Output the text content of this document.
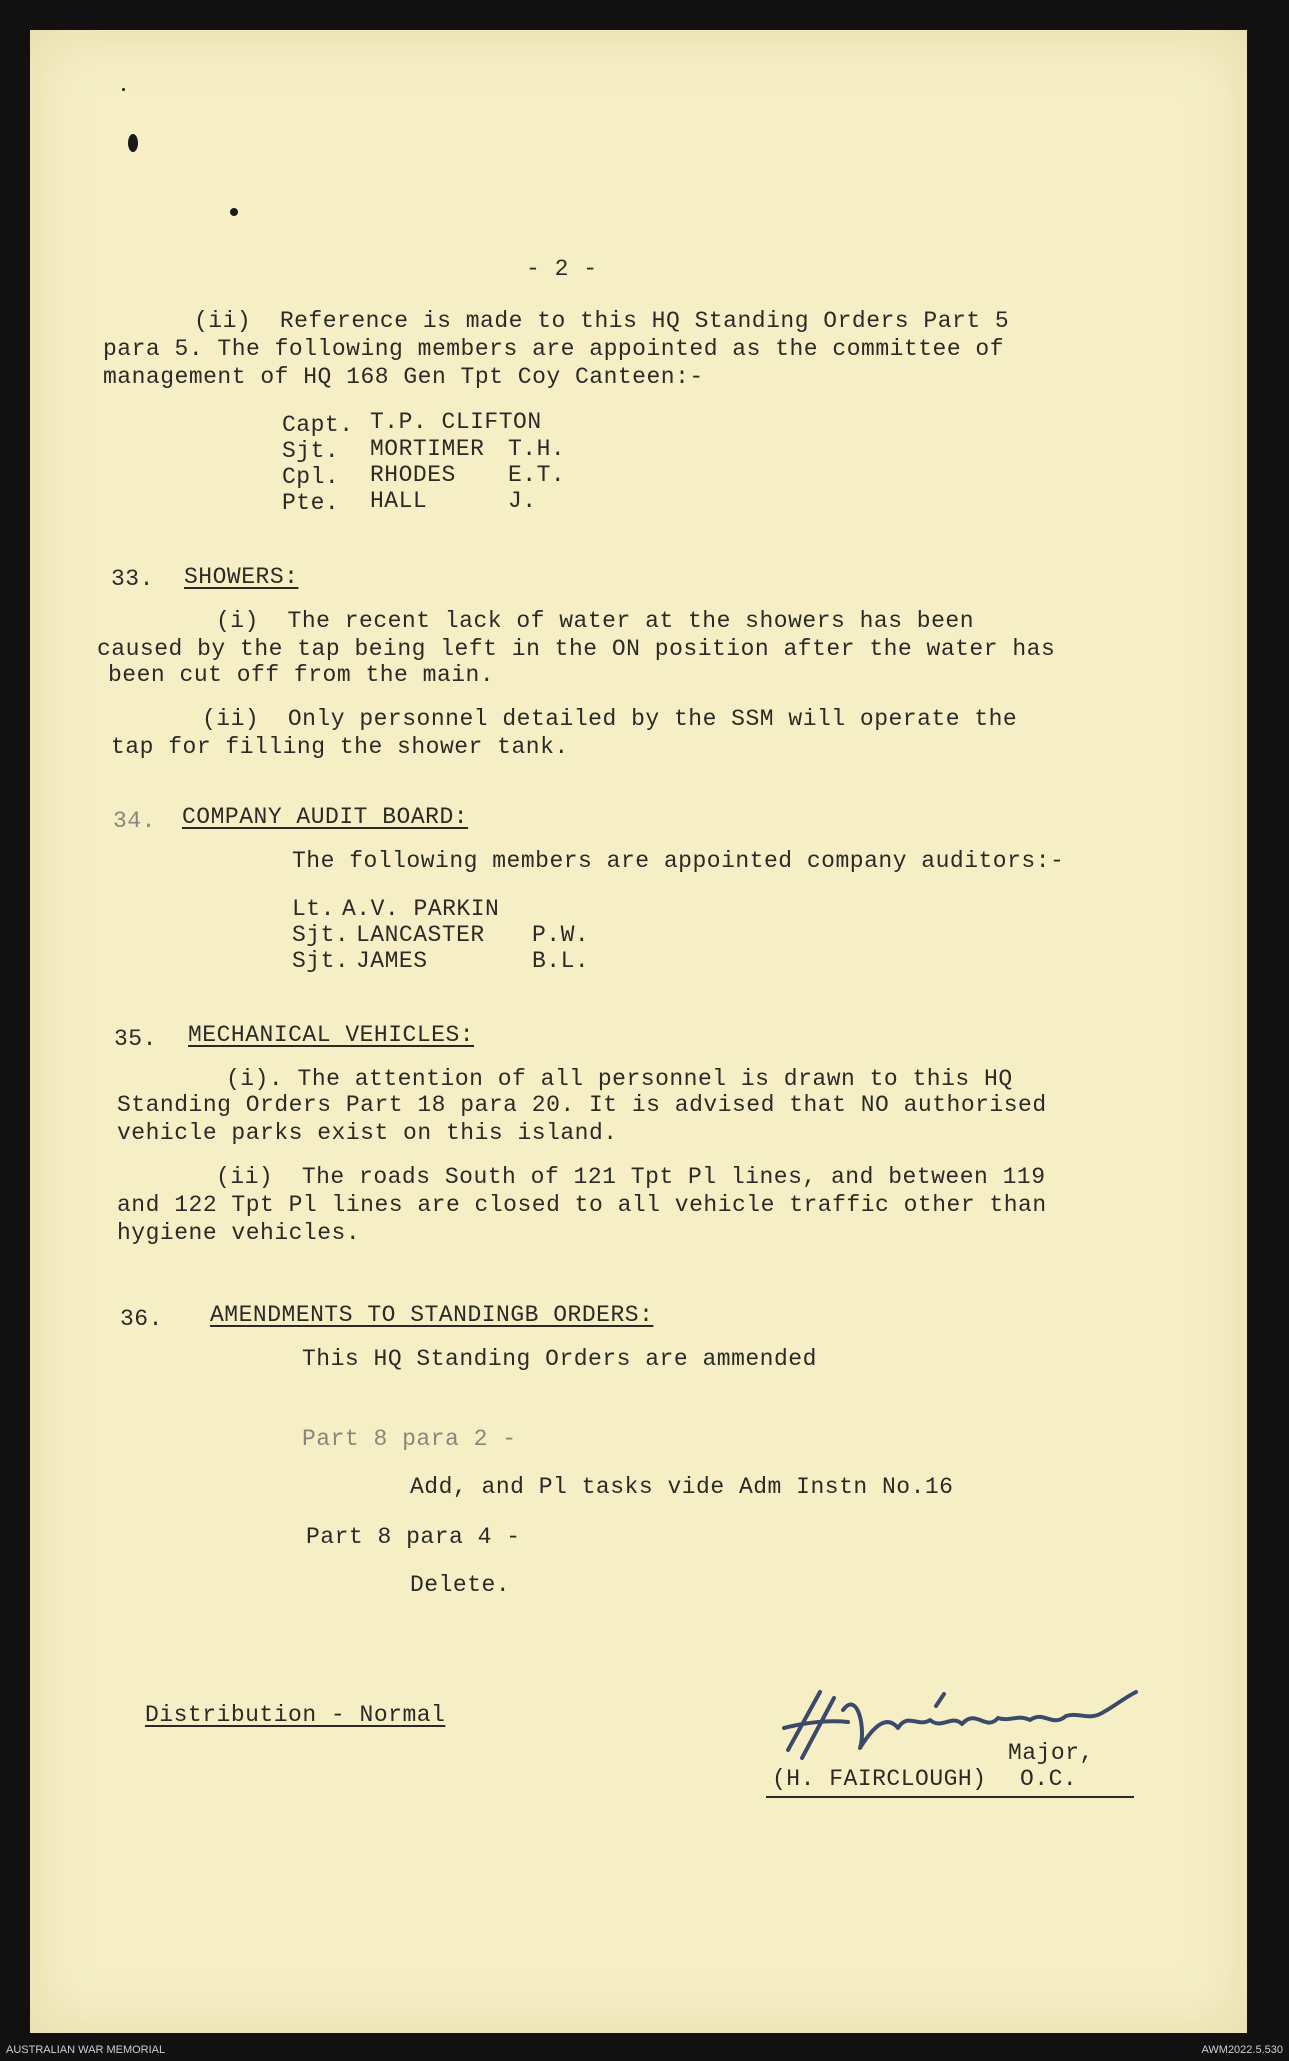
- 2 -
(ii)  Reference is made to this HQ Standing Orders Part 5
para 5. The following members are appointed as the committee of
management of HQ 168 Gen Tpt Coy Canteen:-
Capt. T.P. CLIFTON
Sjt. MORTIMER T.H.
Cpl. RHODES E.T.
Pte. HALL	J.
33. SHOWERS:
(i)  The recent lack of water at the showers has been
caused by the tap being left in the ON position after the water has
been cut off from the main.
(ii)  Only personnel detailed by the SSM will operate the
tap for filling the shower tank.
34. COMPANY AUDIT BOARD:
The following members are appointed company auditors:-
Lt. A.V. PARKIN
Sjt. LANCASTER P.W.
Sjt. JAMES	B.L.
35. MECHANICAL VEHICLES:
(i). The attention of all personnel is drawn to this HQ
Standing Orders Part 18 para 20. It is advised that NO authorised
vehicle parks exist on this island.
(ii)  The roads South of 121 Tpt Pl lines, and between 119
and 122 Tpt Pl lines are closed to all vehicle traffic other than
hygiene vehicles.
36. AMENDMENTS TO STANDINGB ORDERS:
This HQ Standing Orders are ammended
Part 8 para 2 -
Add, and Pl tasks vide Adm Instn No.16
Part 8 para 4 -
Delete.
Distribution - Normal
Major,
(H. FAIRCLOUGH) O.C.
AUSTRALIAN WAR MEMORIAL	AWM2022.5.530
